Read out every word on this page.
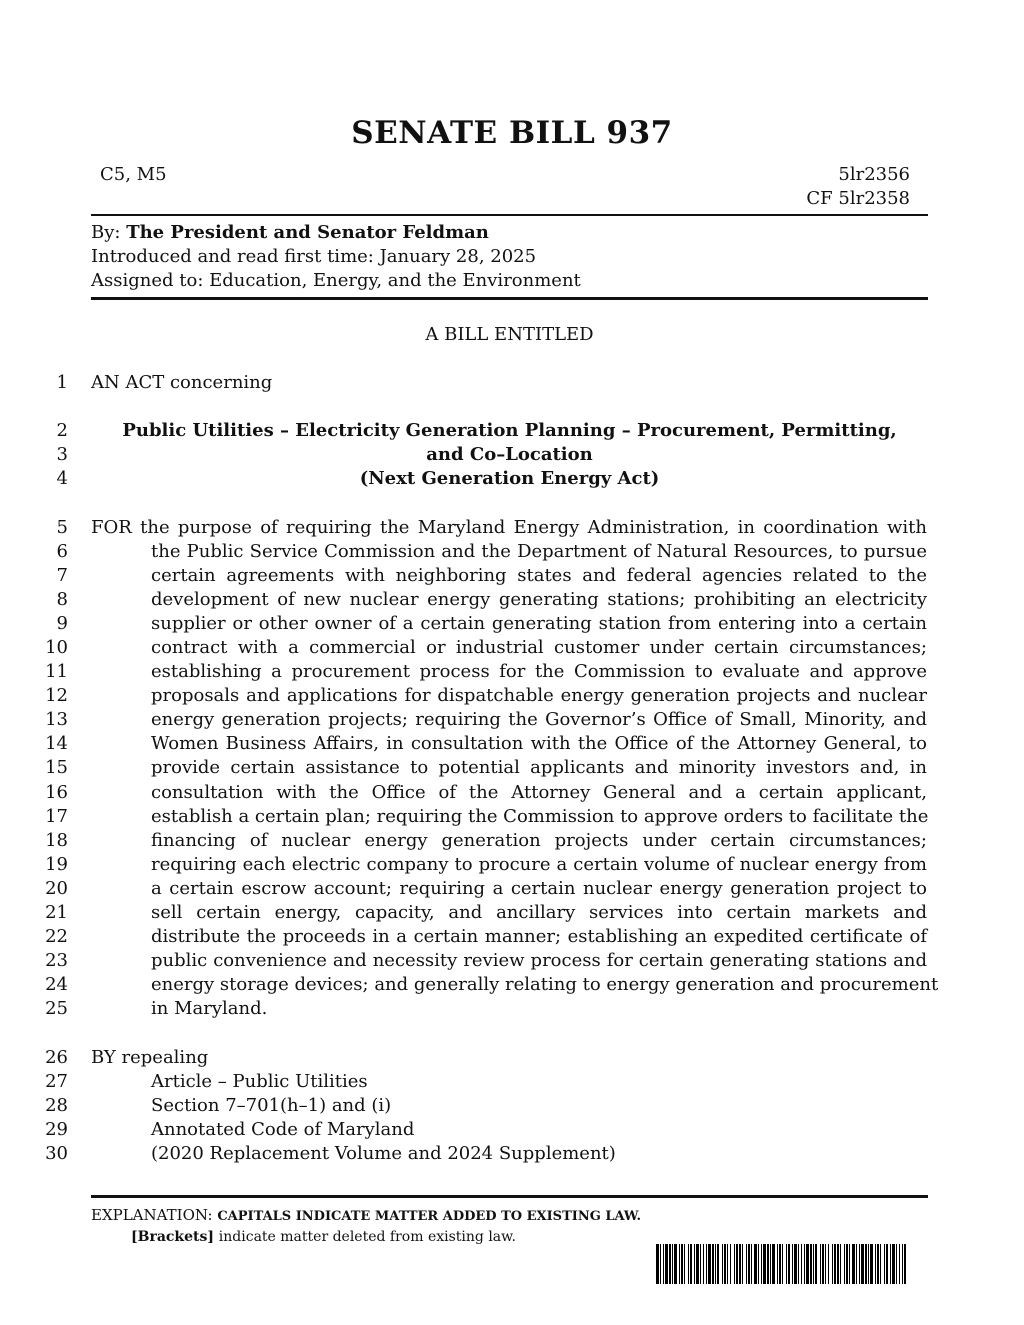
SENATE BILL 937
C5, M5	5lr2356
CF 5lr2358
By: The President and Senator Feldman
Introduced and read first time: January 28, 2025
Assigned to: Education, Energy, and the Environment
A BILL ENTITLED
1
2
3
4
5
6
7
8
9
10
11
12
13
14
15
16
17
18
19
20
21
22
23
24
25
26
27
28
29
30
AN ACT concerning
Public Utilities – Electricity Generation Planning – Procurement, Permitting,
and Co–Location
(Next Generation Energy Act)
FOR the purpose of requiring the Maryland Energy Administration, in coordination with
the Public Service Commission and the Department of Natural Resources, to pursue
certain agreements with neighboring states and federal agencies related to the
development of new nuclear energy generating stations; prohibiting an electricity
supplier or other owner of a certain generating station from entering into a certain
contract with a commercial or industrial customer under certain circumstances;
establishing a procurement process for the Commission to evaluate and approve
proposals and applications for dispatchable energy generation projects and nuclear
energy generation projects; requiring the Governor’s Office of Small, Minority, and
Women Business Affairs, in consultation with the Office of the Attorney General, to
provide certain assistance to potential applicants and minority investors and, in
consultation with the Office of the Attorney General and a certain applicant,
establish a certain plan; requiring the Commission to approve orders to facilitate the
financing of nuclear energy generation projects under certain circumstances;
requiring each electric company to procure a certain volume of nuclear energy from
a certain escrow account; requiring a certain nuclear energy generation project to
sell certain energy, capacity, and ancillary services into certain markets and
distribute the proceeds in a certain manner; establishing an expedited certificate of
public convenience and necessity review process for certain generating stations and
energy storage devices; and generally relating to energy generation and procurement
in Maryland.
BY repealing
Article – Public Utilities
Section 7–701(h–1) and (i)
Annotated Code of Maryland
(2020 Replacement Volume and 2024 Supplement)
EXPLANATION: CAPITALS INDICATE MATTER ADDED TO EXISTING LAW.
[Brackets] indicate matter deleted from existing law.
